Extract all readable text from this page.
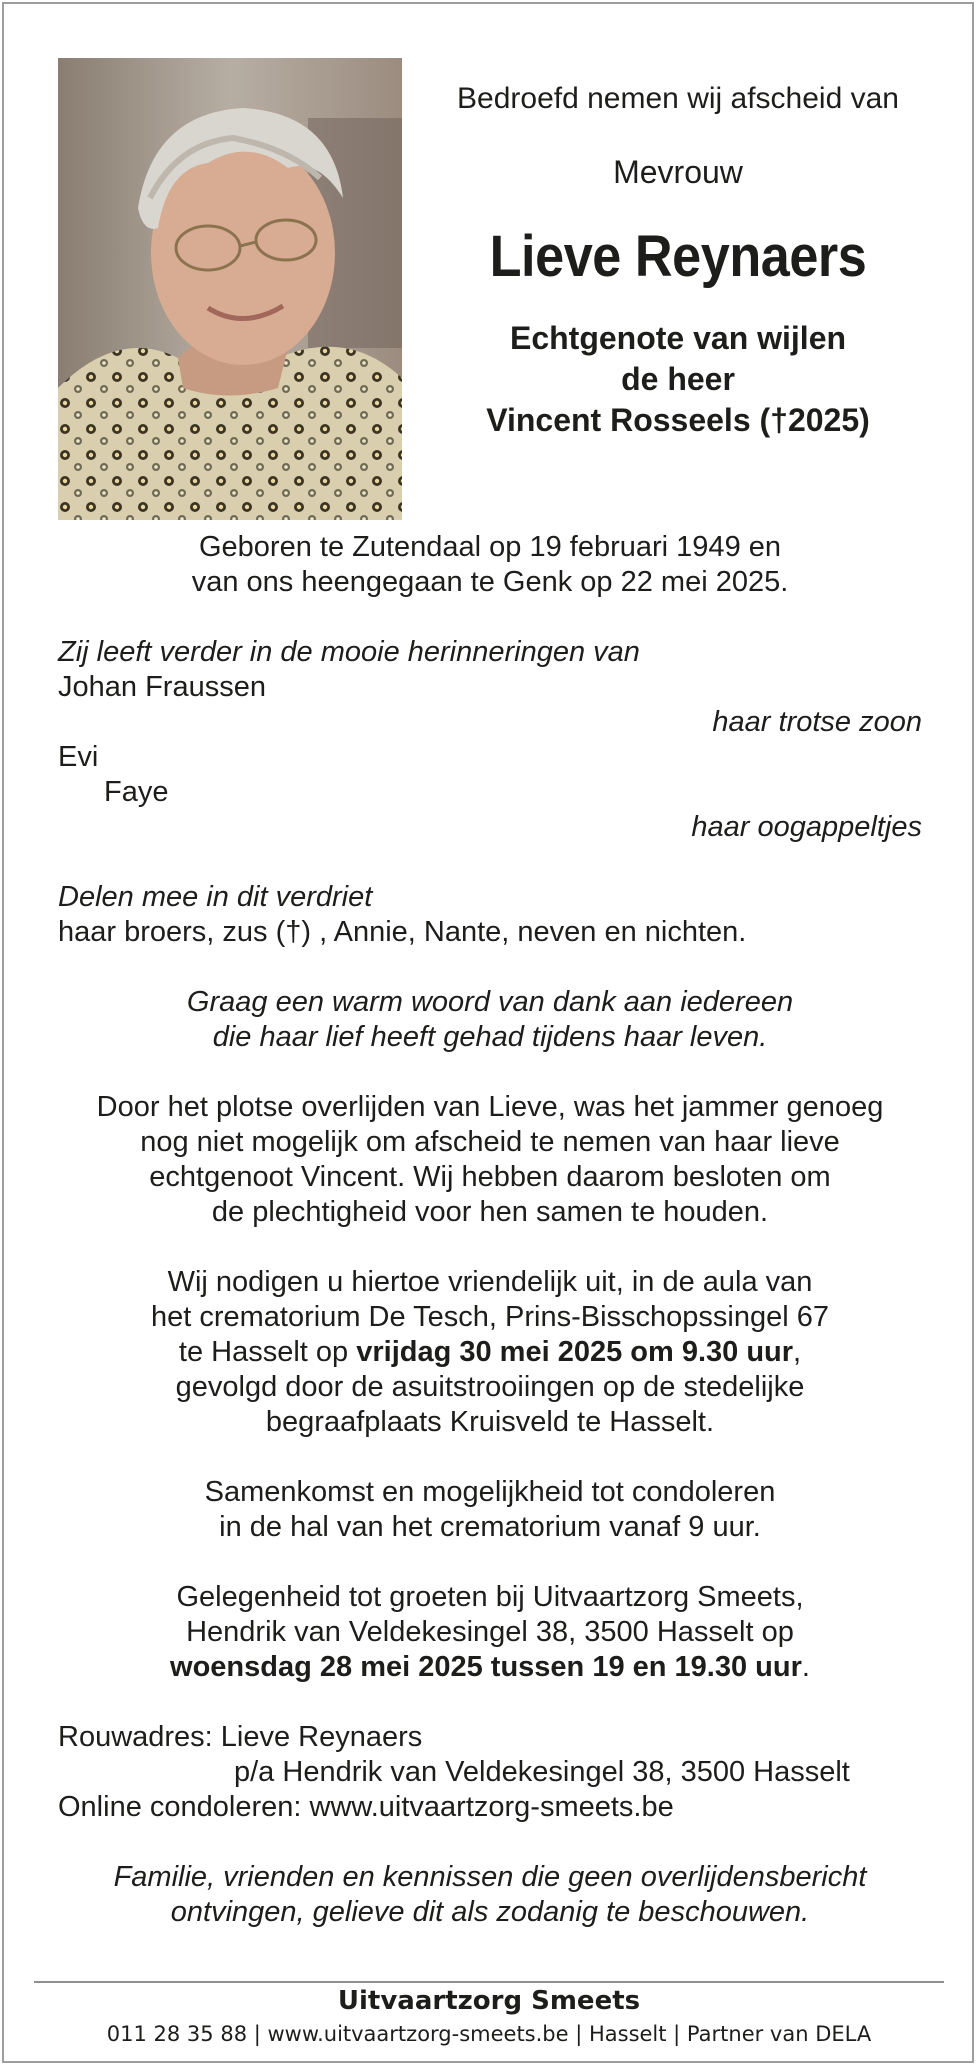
Bedroefd nemen wij afscheid van

Mevrouw

Lieve Reynaers

Echtgenote van wijlen
de heer
Vincent Rosseels (†2025)
Geboren te Zutendaal op 19 februari 1949 en
van ons heengegaan te Genk op 22 mei 2025.
Zij leeft verder in de mooie herinneringen van
Johan Fraussen
haar trotse zoon
Evi
Faye
haar oogappeltjes
Delen mee in dit verdriet
haar broers, zus (†) , Annie, Nante, neven en nichten.
Graag een warm woord van dank aan iedereen
die haar lief heeft gehad tijdens haar leven.
Door het plotse overlijden van Lieve, was het jammer genoeg
nog niet mogelijk om afscheid te nemen van haar lieve
echtgenoot Vincent. Wij hebben daarom besloten om
de plechtigheid voor hen samen te houden.
Wij nodigen u hiertoe vriendelijk uit, in de aula van
het crematorium De Tesch, Prins-Bisschopssingel 67
te Hasselt op vrijdag 30 mei 2025 om 9.30 uur,
gevolgd door de asuitstrooiingen op de stedelijke
begraafplaats Kruisveld te Hasselt.
Samenkomst en mogelijkheid tot condoleren
in de hal van het crematorium vanaf 9 uur.
Gelegenheid tot groeten bij Uitvaartzorg Smeets,
Hendrik van Veldekesingel 38, 3500 Hasselt op
woensdag 28 mei 2025 tussen 19 en 19.30 uur.
Rouwadres: Lieve Reynaers
p/a Hendrik van Veldekesingel 38, 3500 Hasselt
Online condoleren: www.uitvaartzorg-smeets.be
Familie, vrienden en kennissen die geen overlijdensbericht
ontvingen, gelieve dit als zodanig te beschouwen.
Uitvaartzorg Smeets
011 28 35 88 | www.uitvaartzorg-smeets.be | Hasselt | Partner van DELA
